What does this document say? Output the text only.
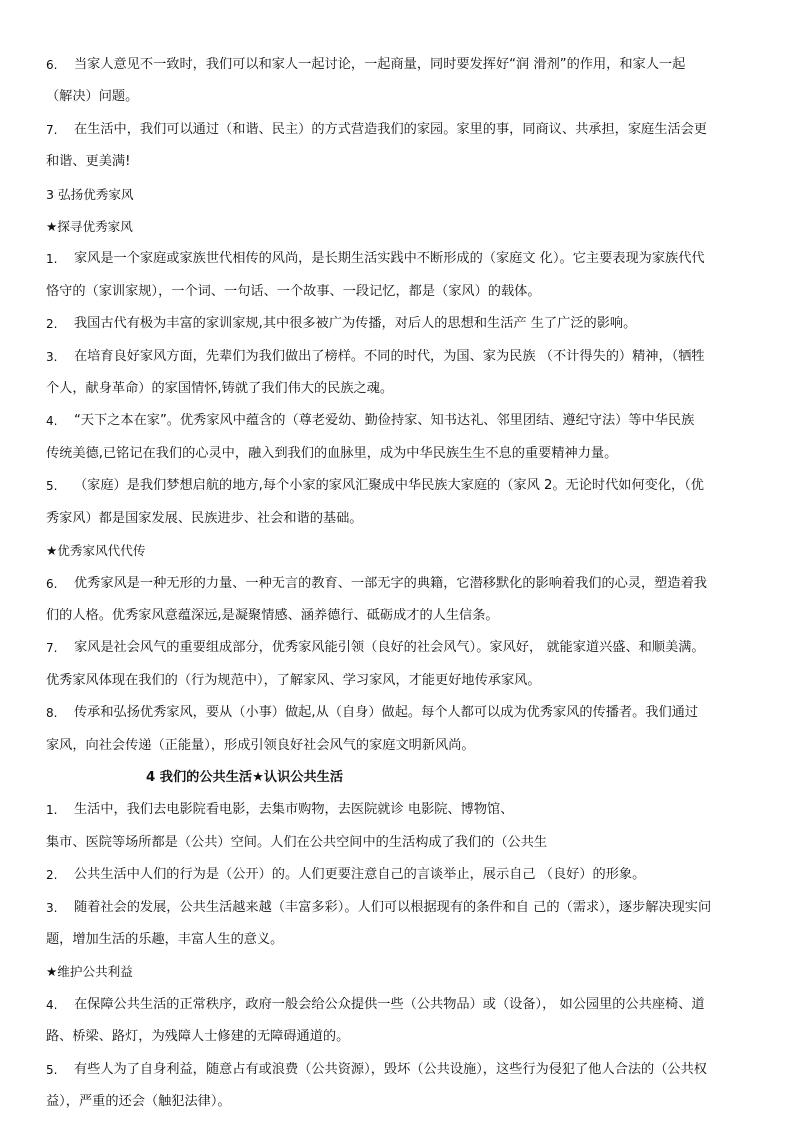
6.	当家人意见不一致时，我们可以和家人一起讨论，一起商量，同时要发挥好“润 滑剂”的作用，和家人一起
（解决）问题。
7.	在生活中，我们可以通过（和谐、民主）的方式营造我们的家园。家里的事，同商议、共承担，家庭生活会更
和谐、更美满!
3 弘扬优秀家风
★探寻优秀家风
1.	家风是一个家庭或家族世代相传的风尚，是长期生活实践中不断形成的（家庭文 化）。它主要表现为家族代代
恪守的（家训家规），一个词、一句话、一个故事、一段记忆，都是（家风）的载体。
2.	我国古代有极为丰富的家训家规,其中很多被广为传播，对后人的思想和生活产 生了广泛的影响。
3.	在培育良好家风方面，先辈们为我们做出了榜样。不同的时代，为国、家为民族 （不计得失的）精神，（牺牲
个人，献身革命）的家国情怀,铸就了我们伟大的民族之魂。
4.	“天下之本在家”。优秀家风中蕴含的（尊老爱幼、勤俭持家、知书达礼、邻里团结、遵纪守法）等中华民族
传统美德,已铭记在我们的心灵中，融入到我们的血脉里，成为中华民族生生不息的重要精神力量。
5.	（家庭）是我们梦想启航的地方,每个小家的家风汇聚成中华民族大家庭的（家风 2。无论时代如何变化，（优
秀家风）都是国家发展、民族进步、社会和谐的基础。
★优秀家风代代传
6.	优秀家风是一种无形的力量、一种无言的教育、一部无字的典籍，它潜移默化的影响着我们的心灵，塑造着我
们的人格。优秀家风意蕴深远,是凝聚情感、涵养德行、砥砺成才的人生信条。
7.	家风是社会风气的重要组成部分，优秀家风能引领（良好的社会风气）。家风好， 就能家道兴盛、和顺美满。
优秀家风体现在我们的（行为规范中），了解家风、学习家风，才能更好地传承家风。
8.	传承和弘扬优秀家风，要从（小事）做起,从（自身）做起。每个人都可以成为优秀家风的传播者。我们通过
家风，向社会传递（正能量），形成引领良好社会风气的家庭文明新风尚。
4 我们的公共生活★认识公共生活
1.	生活中，我们去电影院看电影，去集市购物，去医院就诊 电影院、博物馆、
集市、医院等场所都是（公共）空间。人们在公共空间中的生活构成了我们的（公共生
2.	公共生活中人们的行为是（公开）的。人们更要注意自己的言谈举止，展示自己 （良好）的形象。
3.	随着社会的发展，公共生活越来越（丰富多彩）。人们可以根据现有的条件和自 己的（需求），逐步解决现实问
题，增加生活的乐趣，丰富人生的意义。
★维护公共利益
4.	在保障公共生活的正常秩序，政府一般会给公众提供一些（公共物品）或（设备）， 如公园里的公共座椅、道
路、桥梁、路灯，为残障人士修建的无障碍通道的。
5.	有些人为了自身利益，随意占有或浪费（公共资源），毁坏（公共设施），这些行为侵犯了他人合法的（公共权
益），严重的还会（触犯法律）。
